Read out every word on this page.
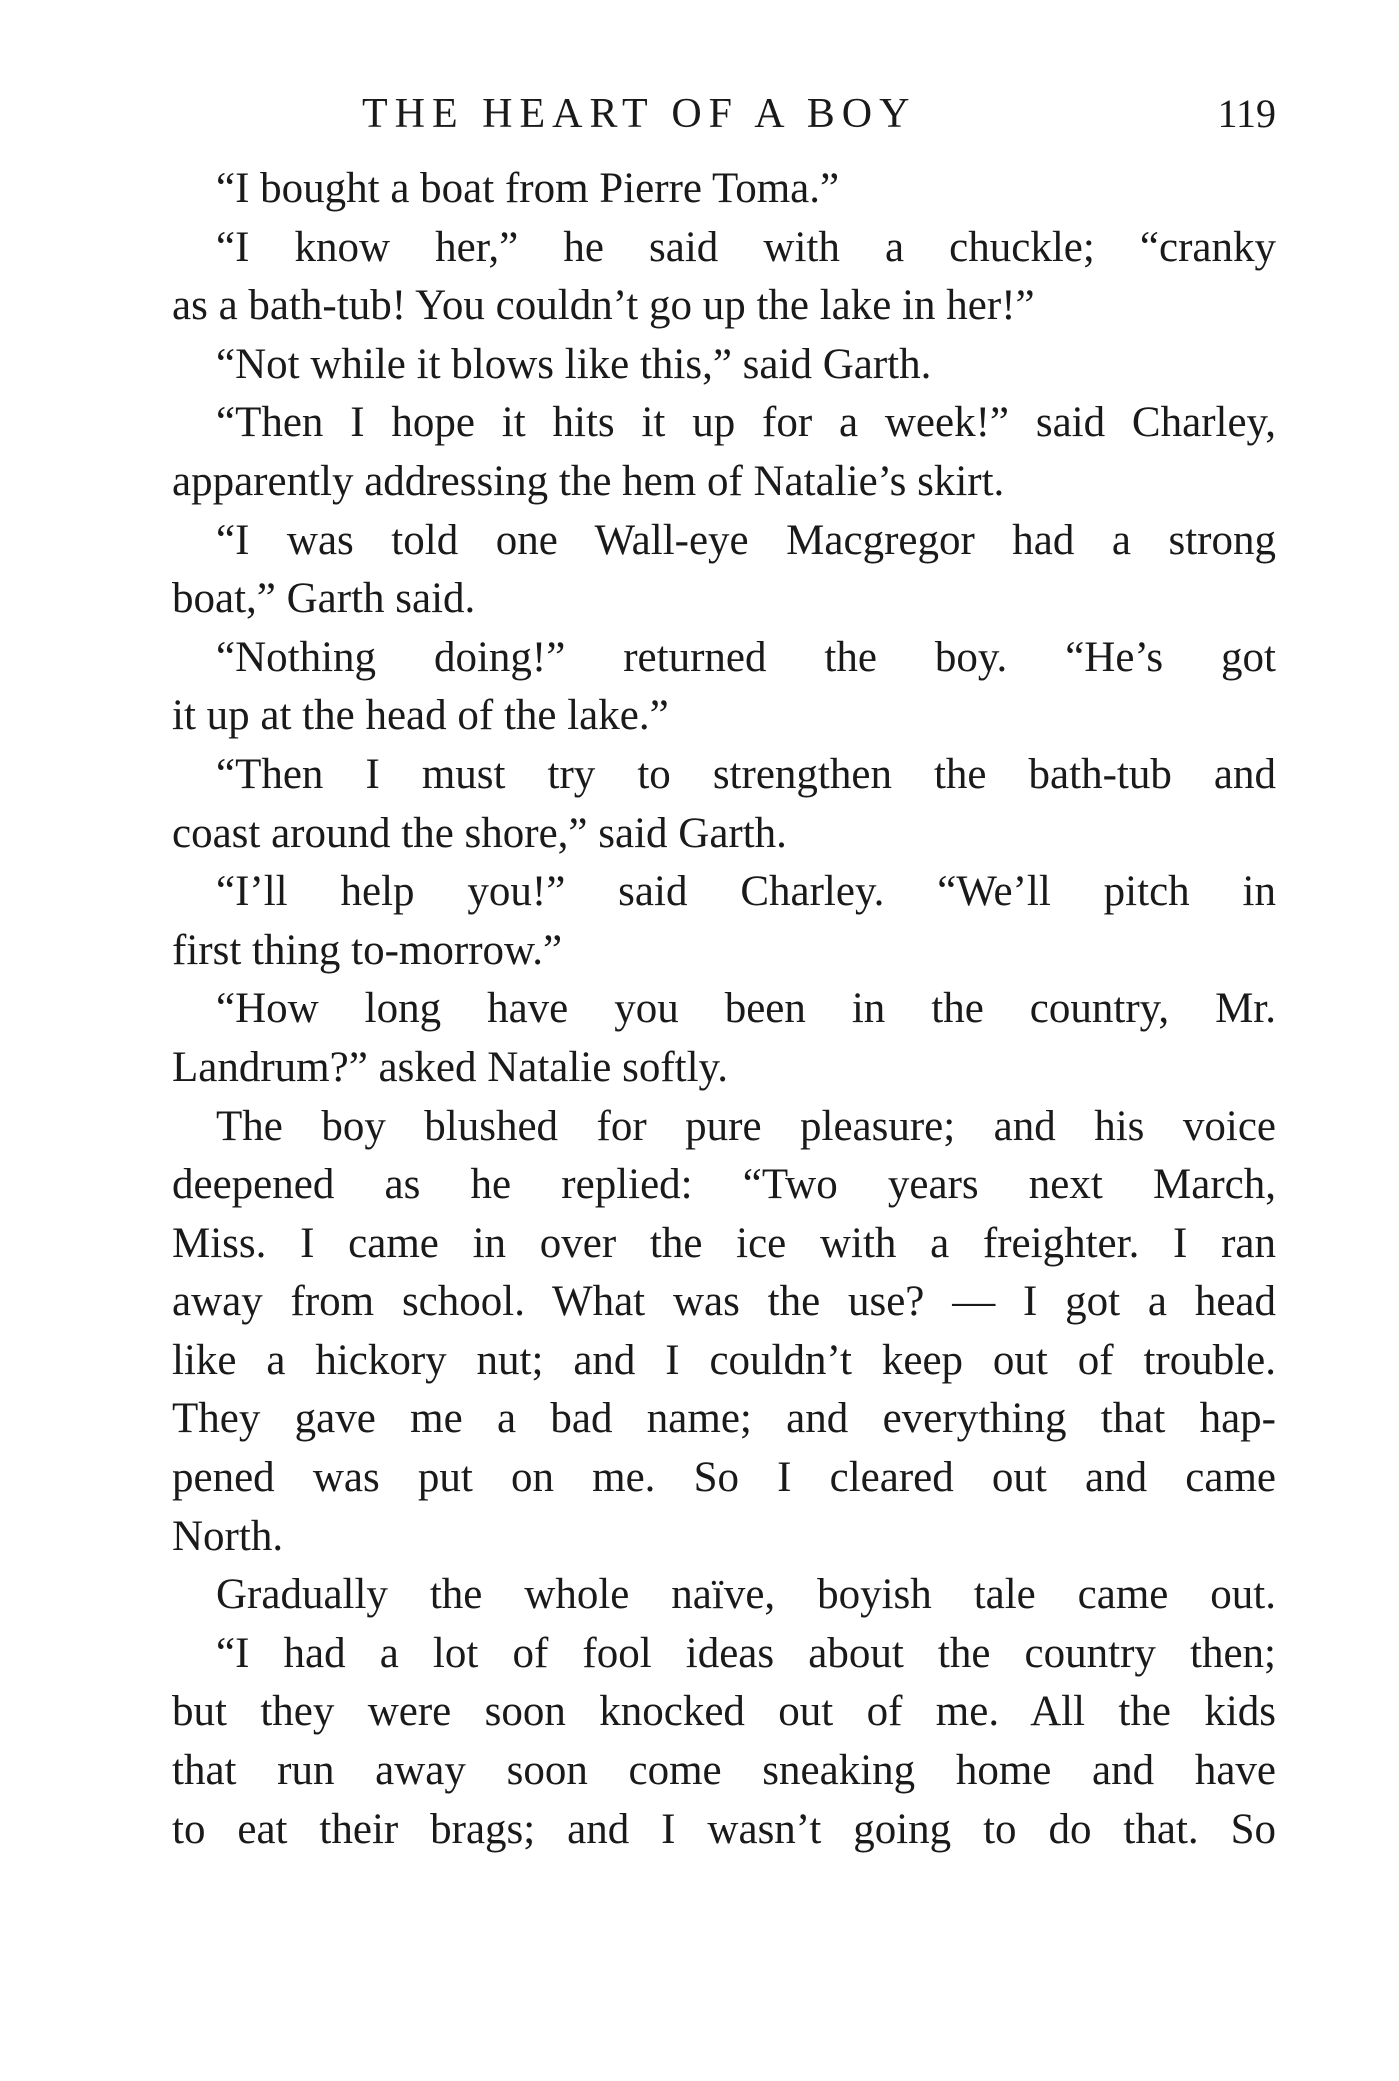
THE HEART OF A BOY	119
“I bought a boat from Pierre Toma.”
“I know her,” he said with a chuckle; “cranky
as a bath-tub! You couldn’t go up the lake in her!”
“Not while it blows like this,” said Garth.
“Then I hope it hits it up for a week!” said Charley,
apparently addressing the hem of Natalie’s skirt.
“I was told one Wall-eye Macgregor had a strong
boat,” Garth said.
“Nothing doing!” returned the boy. “He’s got
it up at the head of the lake.”
“Then I must try to strengthen the bath-tub and
coast around the shore,” said Garth.
“I’ll help you!” said Charley. “We’ll pitch in
first thing to-morrow.”
“How long have you been in the country, Mr.
Landrum?” asked Natalie softly.
The boy blushed for pure pleasure; and his voice
deepened as he replied: “Two years next March,
Miss. I came in over the ice with a freighter. I ran
away from school. What was the use? — I got a head
like a hickory nut; and I couldn’t keep out of trouble.
They gave me a bad name; and everything that hap-
pened was put on me. So I cleared out and came
North.
Gradually the whole naïve, boyish tale came out.
“I had a lot of fool ideas about the country then;
but they were soon knocked out of me. All the kids
that run away soon come sneaking home and have
to eat their brags; and I wasn’t going to do that. So
